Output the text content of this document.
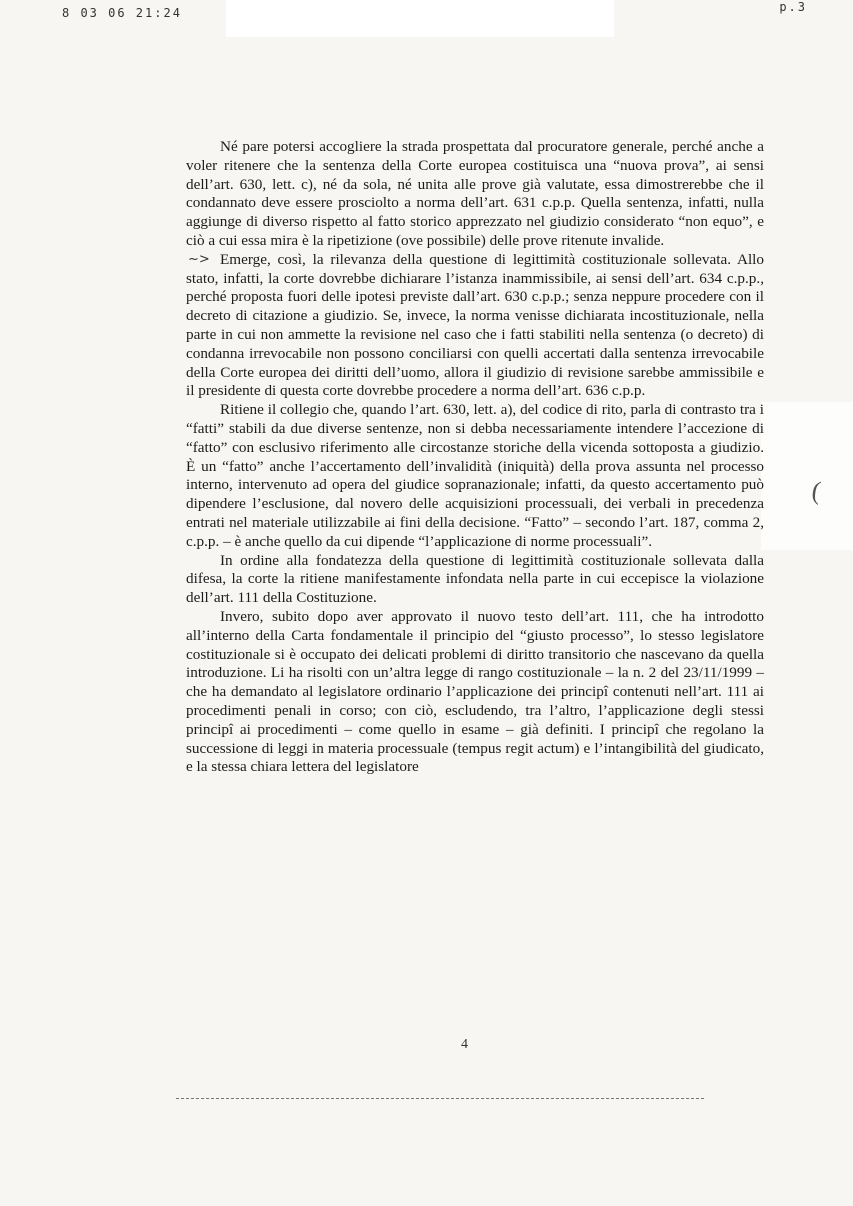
8 03 06 21:24	p.3
(

Né pare potersi accogliere la strada prospettata dal procuratore generale, perché anche a voler ritenere che la sentenza della Corte europea costituisca una “nuova prova”, ai sensi dell’art. 630, lett. c), né da sola, né unita alle prove già valutate, essa dimostrerebbe che il condannato deve essere prosciolto a norma dell’art. 631 c.p.p. Quella sentenza, infatti, nulla aggiunge di diverso rispetto al fatto storico apprezzato nel giudizio considerato “non equo”, e ciò a cui essa mira è la ripetizione (ove possibile) delle prove ritenute invalide.

~> Emerge, così, la rilevanza della questione di legittimità costituzionale sollevata. Allo stato, infatti, la corte dovrebbe dichiarare l’istanza inammissibile, ai sensi dell’art. 634 c.p.p., perché proposta fuori delle ipotesi previste dall’art. 630 c.p.p.; senza neppure procedere con il decreto di citazione a giudizio. Se, invece, la norma venisse dichiarata incostituzionale, nella parte in cui non ammette la revisione nel caso che i fatti stabiliti nella sentenza (o decreto) di condanna irrevocabile non possono conciliarsi con quelli accertati dalla sentenza irrevocabile della Corte europea dei diritti dell’uomo, allora il giudizio di revisione sarebbe ammissibile e il presidente di questa corte dovrebbe procedere a norma dell’art. 636 c.p.p.

Ritiene il collegio che, quando l’art. 630, lett. a), del codice di rito, parla di contrasto tra i “fatti” stabili da due diverse sentenze, non si debba necessariamente intendere l’accezione di “fatto” con esclusivo riferimento alle circostanze storiche della vicenda sottoposta a giudizio. È un “fatto” anche l’accertamento dell’invalidità (iniquità) della prova assunta nel processo interno, intervenuto ad opera del giudice sopranazionale; infatti, da questo accertamento può dipendere l’esclusione, dal novero delle acquisizioni processuali, dei verbali in precedenza entrati nel materiale utilizzabile ai fini della decisione. “Fatto” – secondo l’art. 187, comma 2, c.p.p. – è anche quello da cui dipende “l’applicazione di norme processuali”.

In ordine alla fondatezza della questione di legittimità costituzionale sollevata dalla difesa, la corte la ritiene manifestamente infondata nella parte in cui eccepisce la violazione dell’art. 111 della Costituzione.

Invero, subito dopo aver approvato il nuovo testo dell’art. 111, che ha introdotto all’interno della Carta fondamentale il principio del “giusto processo”, lo stesso legislatore costituzionale si è occupato dei delicati problemi di diritto transitorio che nascevano da quella introduzione. Li ha risolti con un’altra legge di rango costituzionale – la n. 2 del 23/11/1999 – che ha demandato al legislatore ordinario l’applicazione dei principî contenuti nell’art. 111 ai procedimenti penali in corso; con ciò, escludendo, tra l’altro, l’applicazione degli stessi principî ai procedimenti – come quello in esame – già definiti. I principî che regolano la successione di leggi in materia processuale (tempus regit actum) e l’intangibilità del giudicato, e la stessa chiara lettera del legislatore

4
